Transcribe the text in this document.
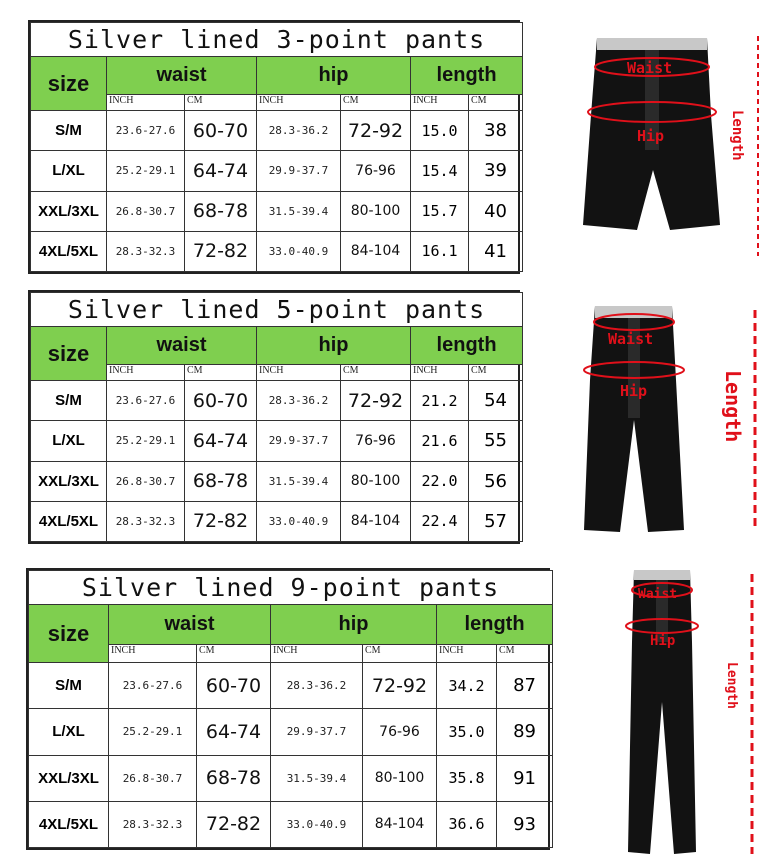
Silver lined 3-point pants						
size	waist		hip		length	
	INCH	CM	INCH	CM	INCH	CM
S/M	23.6-27.6	60-70	28.3-36.2	72-92	15.0	38
L/XL	25.2-29.1	64-74	29.9-37.7	76-96	15.4	39
XXL/3XL	26.8-30.7	68-78	31.5-39.4	80-100	15.7	40
4XL/5XL	28.3-32.3	72-82	33.0-40.9	84-104	16.1	41
Silver lined 5-point pants						
size	waist		hip		length	
	INCH	CM	INCH	CM	INCH	CM
S/M	23.6-27.6	60-70	28.3-36.2	72-92	21.2	54
L/XL	25.2-29.1	64-74	29.9-37.7	76-96	21.6	55
XXL/3XL	26.8-30.7	68-78	31.5-39.4	80-100	22.0	56
4XL/5XL	28.3-32.3	72-82	33.0-40.9	84-104	22.4	57
Silver lined 9-point pants						
size	waist		hip		length	
	INCH	CM	INCH	CM	INCH	CM
S/M	23.6-27.6	60-70	28.3-36.2	72-92	34.2	87
L/XL	25.2-29.1	64-74	29.9-37.7	76-96	35.0	89
XXL/3XL	26.8-30.7	68-78	31.5-39.4	80-100	35.8	91
4XL/5XL	28.3-32.3	72-82	33.0-40.9	84-104	36.6	93
Waist
Hip	Length
Waist
Hip	Length
Waist
Hip
Length
